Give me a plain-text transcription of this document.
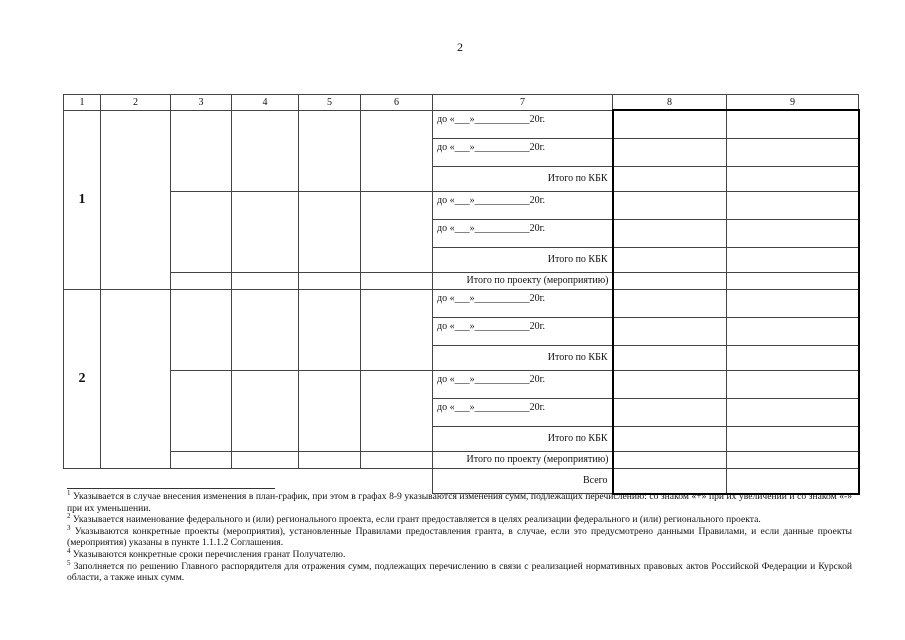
2
1	2	3	4	5	6	7	8	9
1						до «___»___________20г.		
						до «___»___________20г.		
						Итого по КБК		
						до «___»___________20г.		
						до «___»___________20г.		
						Итого по КБК		
						Итого по проекту (мероприятию)		
2						до «___»___________20г.		
						до «___»___________20г.		
						Итого по КБК		
						до «___»___________20г.		
						до «___»___________20г.		
						Итого по КБК		
						Итого по проекту (мероприятию)		
						Всего		

$^1$ Указывается в случае внесения изменения в план-график, при этом в графах 8-9 указываются изменения сумм, подлежащих перечислению: со знаком «+» при их увеличении и со знаком «-» при их уменьшении.

$^2$ Указывается наименование федерального и (или) регионального проекта, если грант предоставляется в целях реализации федерального и (или) регионального проекта.

$^3$ Указываются конкретные проекты (мероприятия), установленные Правилами предоставления гранта, в случае, если это предусмотрено данными Правилами, и если данные проекты (мероприятия) указаны в пункте 1.1.1.2 Соглашения.

$^4$ Указываются конкретные сроки перечисления гранат Получателю.

$^5$ Заполняется по решению Главного распорядителя для отражения сумм, подлежащих перечислению в связи с реализацией нормативных правовых актов Российской Федерации и Курской области, а также иных сумм.
